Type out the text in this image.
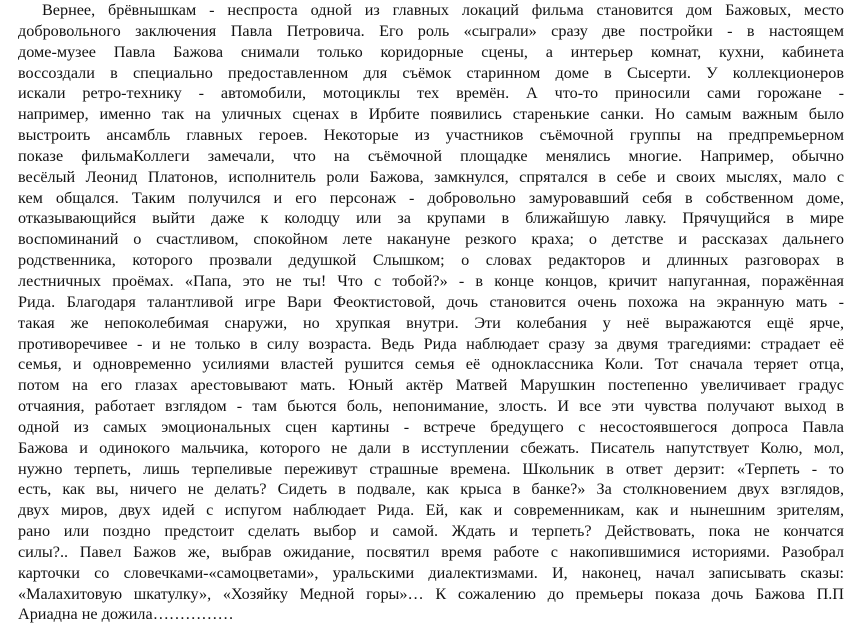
Вернее, брёвнышкам - неспроста одной из главных локаций фильма становится дом Бажовых, место
добровольного заключения Павла Петровича. Его роль «сыграли» сразу две постройки - в настоящем
доме-музее Павла Бажова снимали только коридорные сцены, а интерьер комнат, кухни, кабинета
воссоздали в специально предоставленном для съёмок старинном доме в Сысерти. У коллекционеров
искали ретро-технику - автомобили, мотоциклы тех времён. А что-то приносили сами горожане -
например, именно так на уличных сценах в Ирбите появились старенькие санки. Но самым важным было
выстроить ансамбль главных героев. Некоторые из участников съёмочной группы на предпремьерном
показе фильмаКоллеги замечали, что на съёмочной площадке менялись многие. Например, обычно
весёлый Леонид Платонов, исполнитель роли Бажова, замкнулся, спрятался в себе и своих мыслях, мало с
кем общался. Таким получился и его персонаж - добровольно замуровавший себя в собственном доме,
отказывающийся выйти даже к колодцу или за крупами в ближайшую лавку. Прячущийся в мире
воспоминаний о счастливом, спокойном лете накануне резкого краха; о детстве и рассказах дальнего
родственника, которого прозвали дедушкой Слышком; о словах редакторов и длинных разговорах в
лестничных проёмах. «Папа, это не ты! Что с тобой?» - в конце концов, кричит напуганная, поражённая
Рида. Благодаря талантливой игре Вари Феоктистовой, дочь становится очень похожа на экранную мать -
такая же непоколебимая снаружи, но хрупкая внутри. Эти колебания у неё выражаются ещё ярче,
противоречивее - и не только в силу возраста. Ведь Рида наблюдает сразу за двумя трагедиями: страдает её
семья, и одновременно усилиями властей рушится семья её одноклассника Коли. Тот сначала теряет отца,
потом на его глазах арестовывают мать. Юный актёр Матвей Марушкин постепенно увеличивает градус
отчаяния, работает взглядом - там бьются боль, непонимание, злость. И все эти чувства получают выход в
одной из самых эмоциональных сцен картины - встрече бредущего с несостоявшегося допроса Павла
Бажова и одинокого мальчика, которого не дали в исступлении сбежать. Писатель напутствует Колю, мол,
нужно терпеть, лишь терпеливые переживут страшные времена. Школьник в ответ дерзит: «Терпеть - то
есть, как вы, ничего не делать? Сидеть в подвале, как крыса в банке?» За столкновением двух взглядов,
двух миров, двух идей с испугом наблюдает Рида. Ей, как и современникам, как и нынешним зрителям,
рано или поздно предстоит сделать выбор и самой. Ждать и терпеть? Действовать, пока не кончатся
силы?.. Павел Бажов же, выбрав ожидание, посвятил время работе с накопившимися историями. Разобрал
карточки со словечками-«самоцветами», уральскими диалектизмами. И, наконец, начал записывать сказы:
«Малахитовую шкатулку», «Хозяйку Медной горы»… К сожалению до премьеры показа дочь Бажова П.П
Ариадна не дожила……………
